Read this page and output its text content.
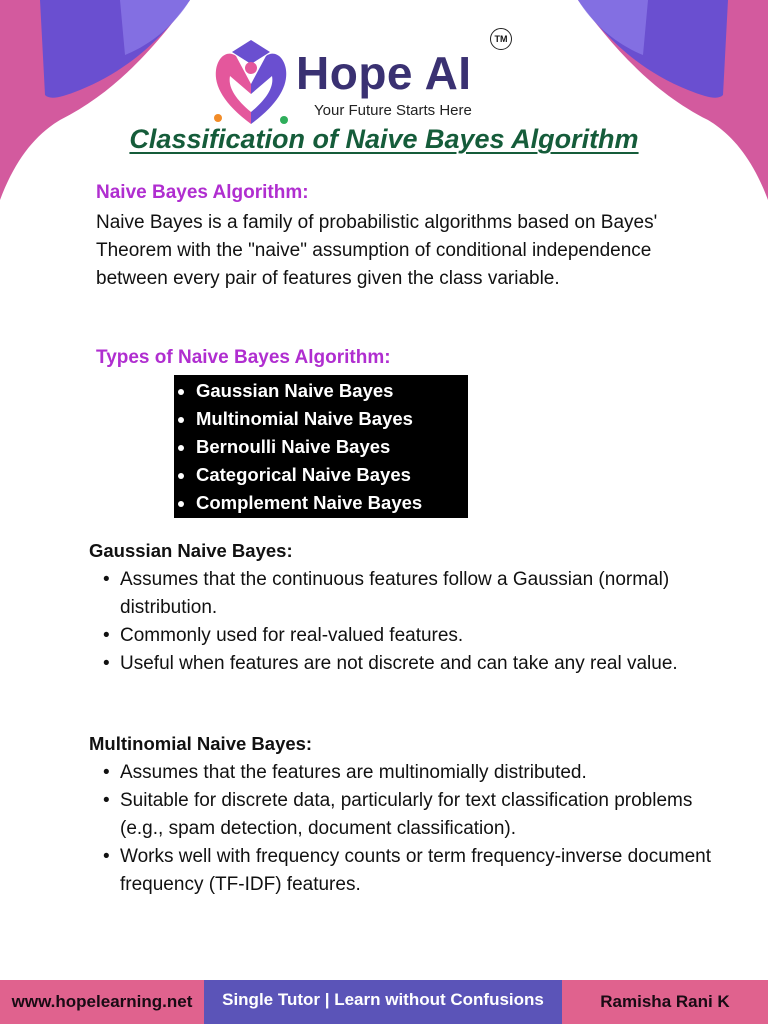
Hope AI
TM
Your Future Starts Here
Classification of Naive Bayes Algorithm
Naive Bayes Algorithm:
Naive Bayes is a family of probabilistic algorithms based on Bayes' Theorem with the "naive" assumption of conditional independence between every pair of features given the class variable.
Types of Naive Bayes Algorithm:
• Gaussian Naive Bayes
• Multinomial Naive Bayes
• Bernoulli Naive Bayes
• Categorical Naive Bayes
• Complement Naive Bayes
Gaussian Naive Bayes:
• Assumes that the continuous features follow a Gaussian (normal) distribution.
• Commonly used for real-valued features.
• Useful when features are not discrete and can take any real value.
Multinomial Naive Bayes:
• Assumes that the features are multinomially distributed.
• Suitable for discrete data, particularly for text classification problems (e.g., spam detection, document classification).
• Works well with frequency counts or term frequency-inverse document frequency (TF-IDF) features.
www.hopelearning.net	Single Tutor | Learn without Confusions	Ramisha Rani K
